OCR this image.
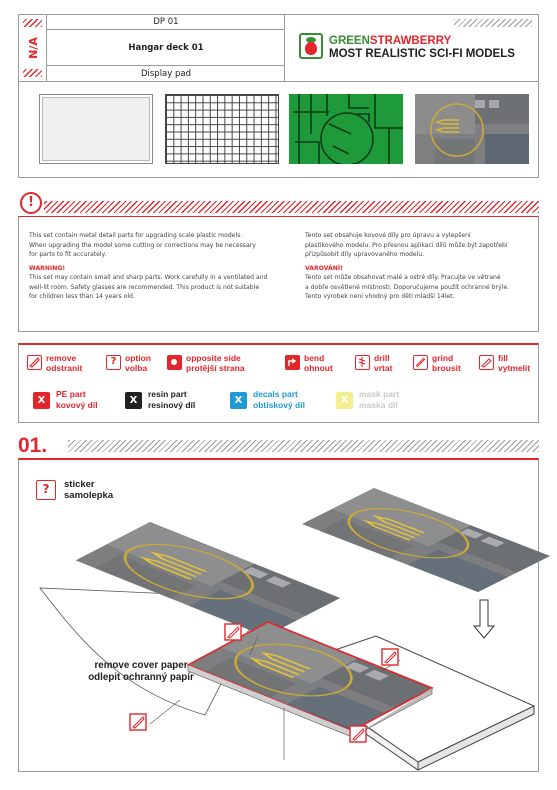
N/A
DP 01
Hangar deck 01
Display pad
GREENSTRAWBERRY
MOST REALISTIC SCI-FI MODELS
!
This set contain metal detail parts for upgrading scale plastic models.
When upgrading the model some cutting or corrections may be necessary
for parts to fit accurately.
WARNING!
This set may contain small and sharp parts. Work carefully in a ventilated and
well-lit room. Safety glasses are recommended. This product is not suitable
for children less than 14 years old.
Tento set obsahuje kovové díly pro úpravu a vylepšení
plastikového modelu. Pro přesnou aplikaci dílů může být zapotřebí
přizpůsobit díly upravovaného modelu.
VAROVÁNÍ!
Tento set může obsahovat malé a ostré díly. Pracujte ve větrané
a dobře osvětlené místnosti. Doporučujeme použít ochranné brýle.
Tento výrobek není vhodný pro děti mladší 14let.
remove
odstranit
?	option
volba
opposite side
protější strana
bend
ohnout
drill
vrtat
grind
brousit
fill
vytmelit
X
PE part
kovový díl	X
resin part
resinový díl	X
decals part
obtiskový díl	X
mask part
maska díl
01.
?	sticker
samolepka
remove cover paper
odlepit ochranný papír
